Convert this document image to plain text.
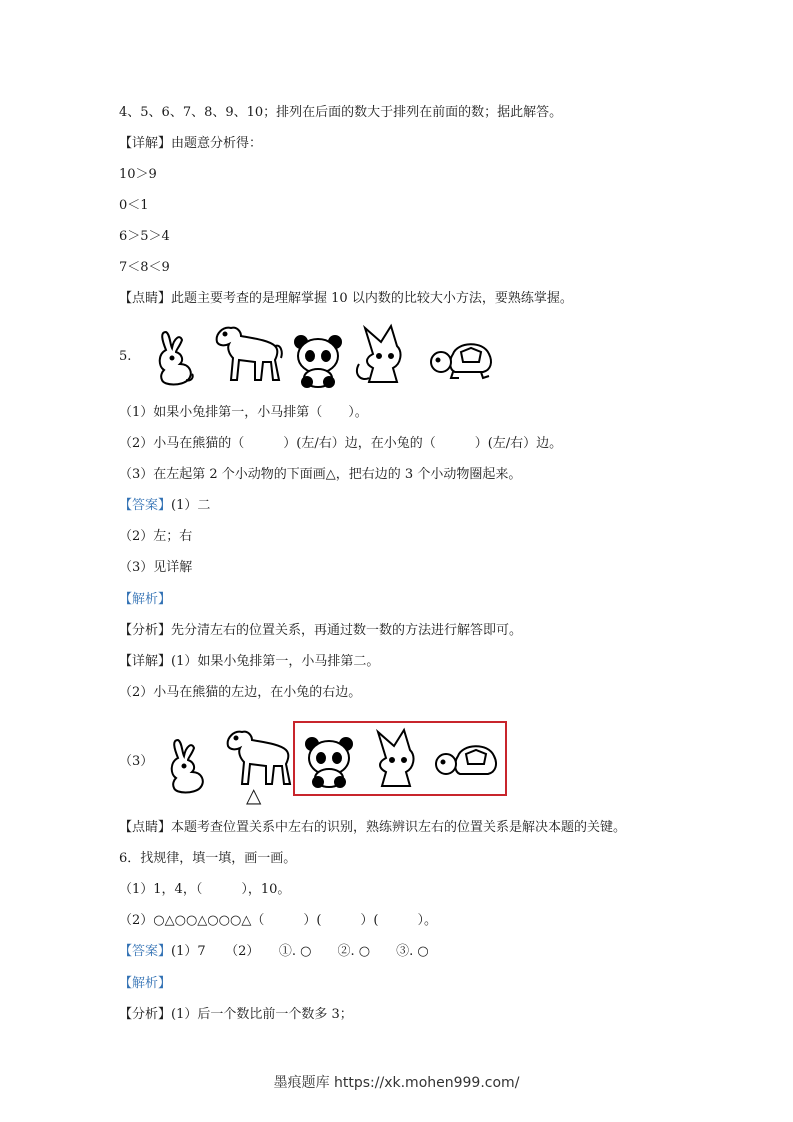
4、5、6、7、8、9、10；排列在后面的数大于排列在前面的数；据此解答。
【详解】由题意分析得：
10＞9
0＜1
6＞5＞4
7＜8＜9
【点睛】此题主要考查的是理解掌握 10 以内数的比较大小方法，要熟练掌握。
5.
（1）如果小兔排第一，小马排第（　　）。
（2）小马在熊猫的（　　　）(左/右）边，在小兔的（　　　）(左/右）边。
（3）在左起第 2 个小动物的下面画△，把右边的 3 个小动物圈起来。
【答案】(1）二
（2）左；右
（3）见详解
【解析】
【分析】先分清左右的位置关系，再通过数一数的方法进行解答即可。
【详解】(1）如果小兔排第一，小马排第二。
（2）小马在熊猫的左边，在小兔的右边。
（3）
△
【点睛】本题考查位置关系中左右的识别，熟练辨识左右的位置关系是解决本题的关键。
6．找规律，填一填，画一画。
（1）1，4，（　　　），10。
（2）○△○○△○○○△（　　　）(　　　）(　　　）。
【答案】(1）7　　（2）　　①. ○　　②. ○　　③. ○
【解析】
【分析】(1）后一个数比前一个数多 3；
墨痕题库 https://xk.mohen999.com/
